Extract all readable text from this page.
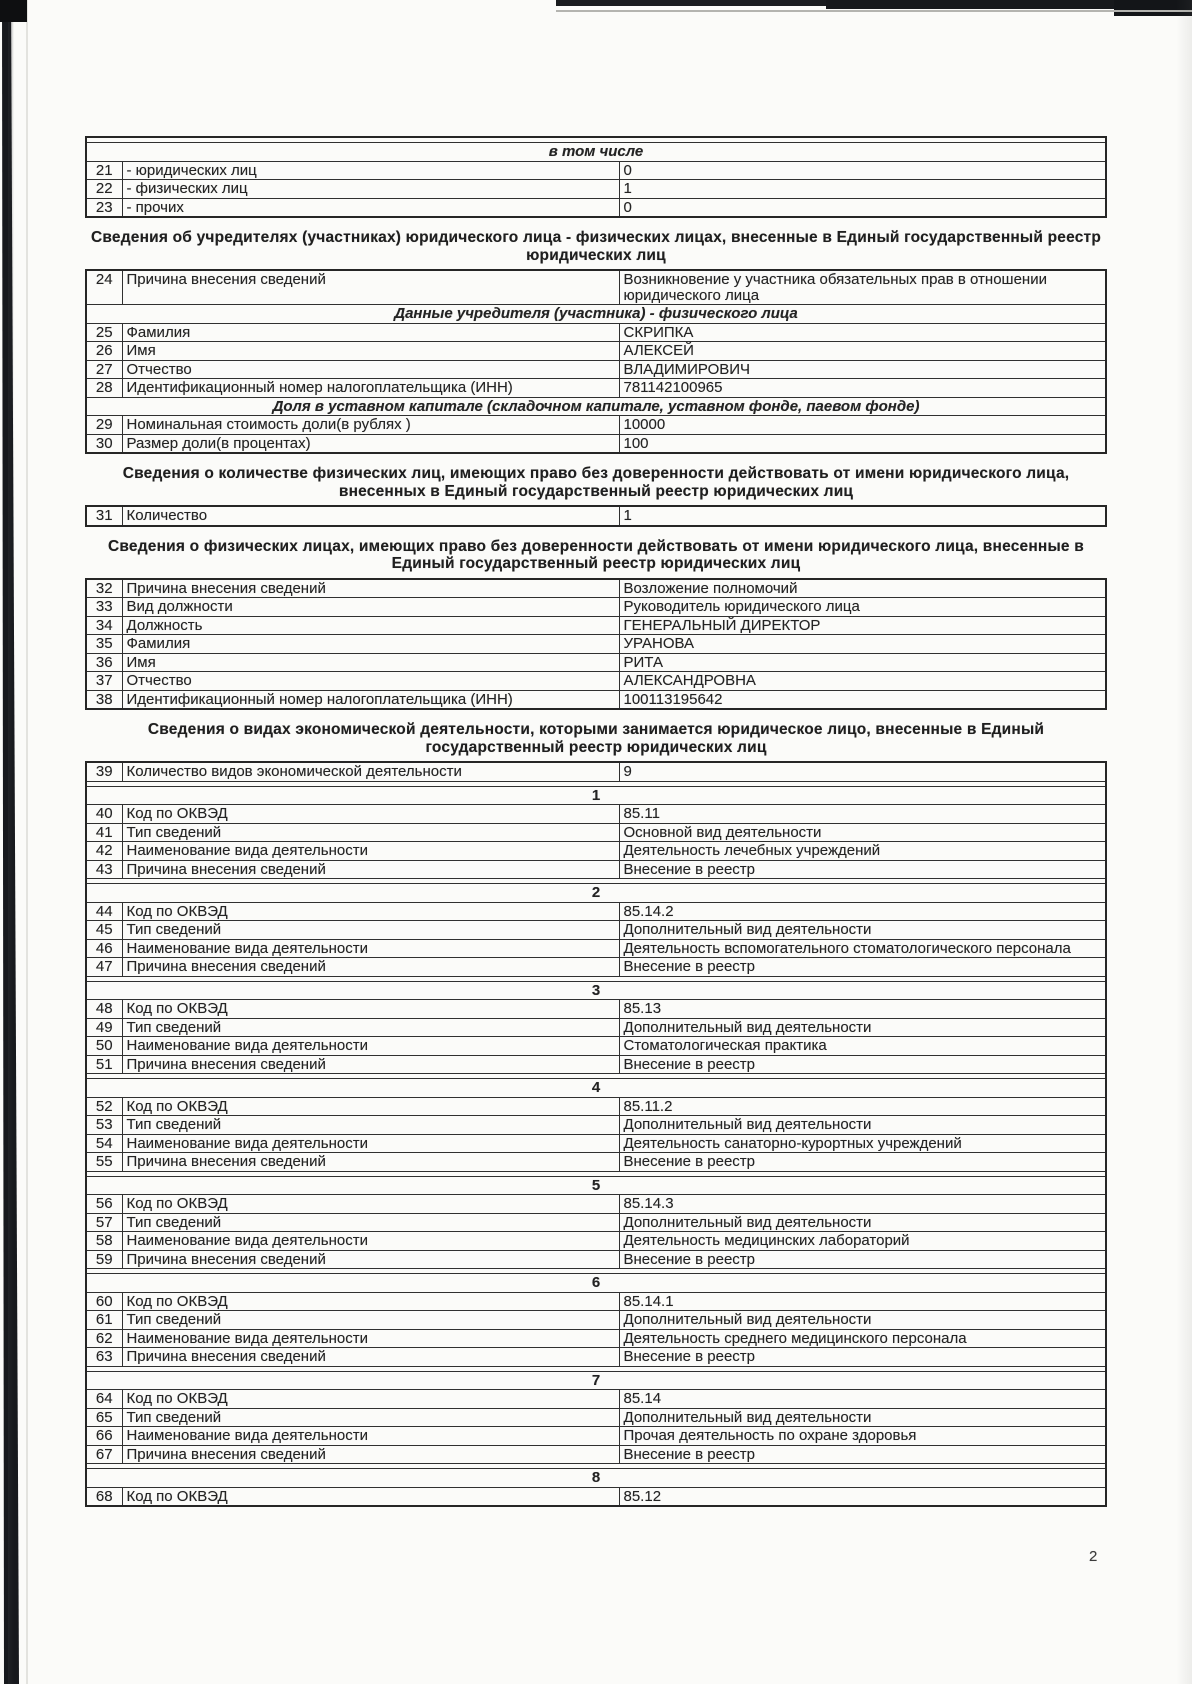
в том числе		
21	- юридических лиц	0
22	- физических лиц	1
23	- прочих	0
Сведения об учредителях (участниках) юридического лица - физических лицах, внесенные в Единый государственный реестр юридических лиц
24	Причина внесения сведений	Возникновение у участника обязательных прав в отношении юридического лица
Данные учредителя (участника) - физического лица		
25	Фамилия	СКРИПКА
26	Имя	АЛЕКСЕЙ
27	Отчество	ВЛАДИМИРОВИЧ
28	Идентификационный номер налогоплательщика (ИНН)	781142100965
Доля в уставном капитале (складочном капитале, уставном фонде, паевом фонде)		
29	Номинальная стоимость доли(в рублях )	10000
30	Размер доли(в процентах)	100
Сведения о количестве физических лиц, имеющих право без доверенности действовать от имени юридического лица, внесенных в Единый государственный реестр юридических лиц
31	Количество	1
Сведения о физических лицах, имеющих право без доверенности действовать от имени юридического лица, внесенные в Единый государственный реестр юридических лиц
32	Причина внесения сведений	Возложение полномочий
33	Вид должности	Руководитель юридического лица
34	Должность	ГЕНЕРАЛЬНЫЙ ДИРЕКТОР
35	Фамилия	УРАНОВА
36	Имя	РИТА
37	Отчество	АЛЕКСАНДРОВНА
38	Идентификационный номер налогоплательщика (ИНН)	100113195642
Сведения о видах экономической деятельности, которыми занимается юридическое лицо, внесенные в Единый государственный реестр юридических лиц
39	Количество видов экономической деятельности	9

1		
40	Код по ОКВЭД	85.11
41	Тип сведений	Основной вид деятельности
42	Наименование вида деятельности	Деятельность лечебных учреждений
43	Причина внесения сведений	Внесение в реестр

2		
44	Код по ОКВЭД	85.14.2
45	Тип сведений	Дополнительный вид деятельности
46	Наименование вида деятельности	Деятельность вспомогательного стоматологического персонала
47	Причина внесения сведений	Внесение в реестр

3		
48	Код по ОКВЭД	85.13
49	Тип сведений	Дополнительный вид деятельности
50	Наименование вида деятельности	Стоматологическая практика
51	Причина внесения сведений	Внесение в реестр

4		
52	Код по ОКВЭД	85.11.2
53	Тип сведений	Дополнительный вид деятельности
54	Наименование вида деятельности	Деятельность санаторно-курортных учреждений
55	Причина внесения сведений	Внесение в реестр

5		
56	Код по ОКВЭД	85.14.3
57	Тип сведений	Дополнительный вид деятельности
58	Наименование вида деятельности	Деятельность медицинских лабораторий
59	Причина внесения сведений	Внесение в реестр

6		
60	Код по ОКВЭД	85.14.1
61	Тип сведений	Дополнительный вид деятельности
62	Наименование вида деятельности	Деятельность среднего медицинского персонала
63	Причина внесения сведений	Внесение в реестр

7		
64	Код по ОКВЭД	85.14
65	Тип сведений	Дополнительный вид деятельности
66	Наименование вида деятельности	Прочая деятельность по охране здоровья
67	Причина внесения сведений	Внесение в реестр

8		
68	Код по ОКВЭД	85.12
2
